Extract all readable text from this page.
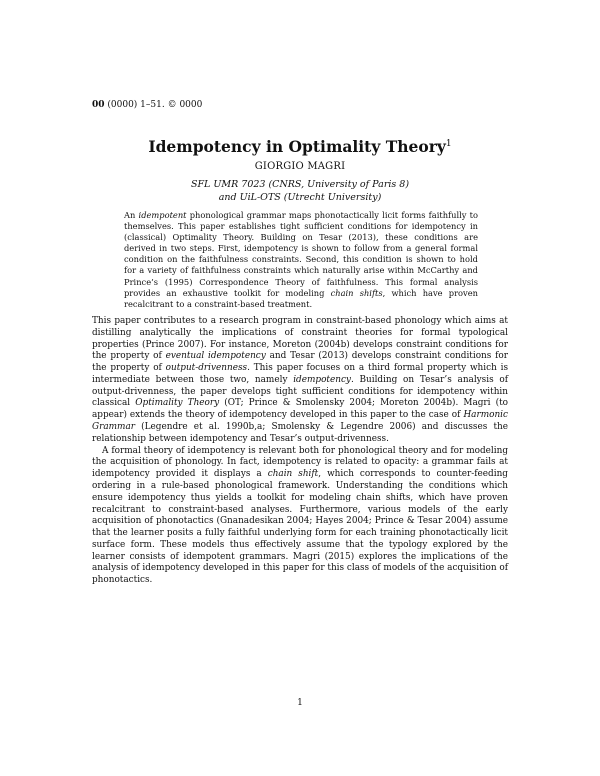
00 (0000) 1–51. © 0000
Idempotency in Optimality Theory$^1$
GIORGIO MAGRI
SFL UMR 7023 (CNRS, University of Paris 8)
and UiL-OTS (Utrecht University)
An idempotent phonological grammar maps phonotactically licit forms faithfully to themselves. This paper establishes tight sufficient conditions for idempotency in (classical) Optimality Theory. Building on Tesar (2013), these conditions are derived in two steps. First, idempotency is shown to follow from a general formal condition on the faithfulness constraints. Second, this condition is shown to hold for a variety of faithfulness constraints which naturally arise within McCarthy and Prince’s (1995) Correspondence Theory of faithfulness. This formal analysis provides an exhaustive toolkit for modeling chain shifts, which have proven recalcitrant to a constraint-based treatment.

This paper contributes to a research program in constraint-based phonology which aims at distilling analytically the implications of constraint theories for formal typological properties (Prince 2007). For instance, Moreton (2004b) develops constraint conditions for the property of eventual idempotency and Tesar (2013) develops constraint conditions for the property of output-drivenness. This paper focuses on a third formal property which is intermediate between those two, namely idempotency. Building on Tesar’s analysis of output-drivenness, the paper develops tight sufficient conditions for idempotency within classical Optimality Theory (OT; Prince & Smolensky 2004; Moreton 2004b). Magri (to appear) extends the theory of idempotency developed in this paper to the case of Harmonic Grammar (Legendre et al. 1990b,a; Smolensky & Legendre 2006) and discusses the relationship between idempotency and Tesar’s output-drivenness.

A formal theory of idempotency is relevant both for phonological theory and for modeling the acquisition of phonology. In fact, idempotency is related to opacity: a grammar fails at idempotency provided it displays a chain shift, which corresponds to counter-feeding ordering in a rule-based phonological framework. Understanding the conditions which ensure idempotency thus yields a toolkit for modeling chain shifts, which have proven recalcitrant to constraint-based analyses. Furthermore, various models of the early acquisition of phonotactics (Gnanadesikan 2004; Hayes 2004; Prince & Tesar 2004) assume that the learner posits a fully faithful underlying form for each training phonotactically licit surface form. These models thus effectively assume that the typology explored by the learner consists of idempotent grammars. Magri (2015) explores the implications of the analysis of idempotency developed in this paper for this class of models of the acquisition of phonotactics.

1
